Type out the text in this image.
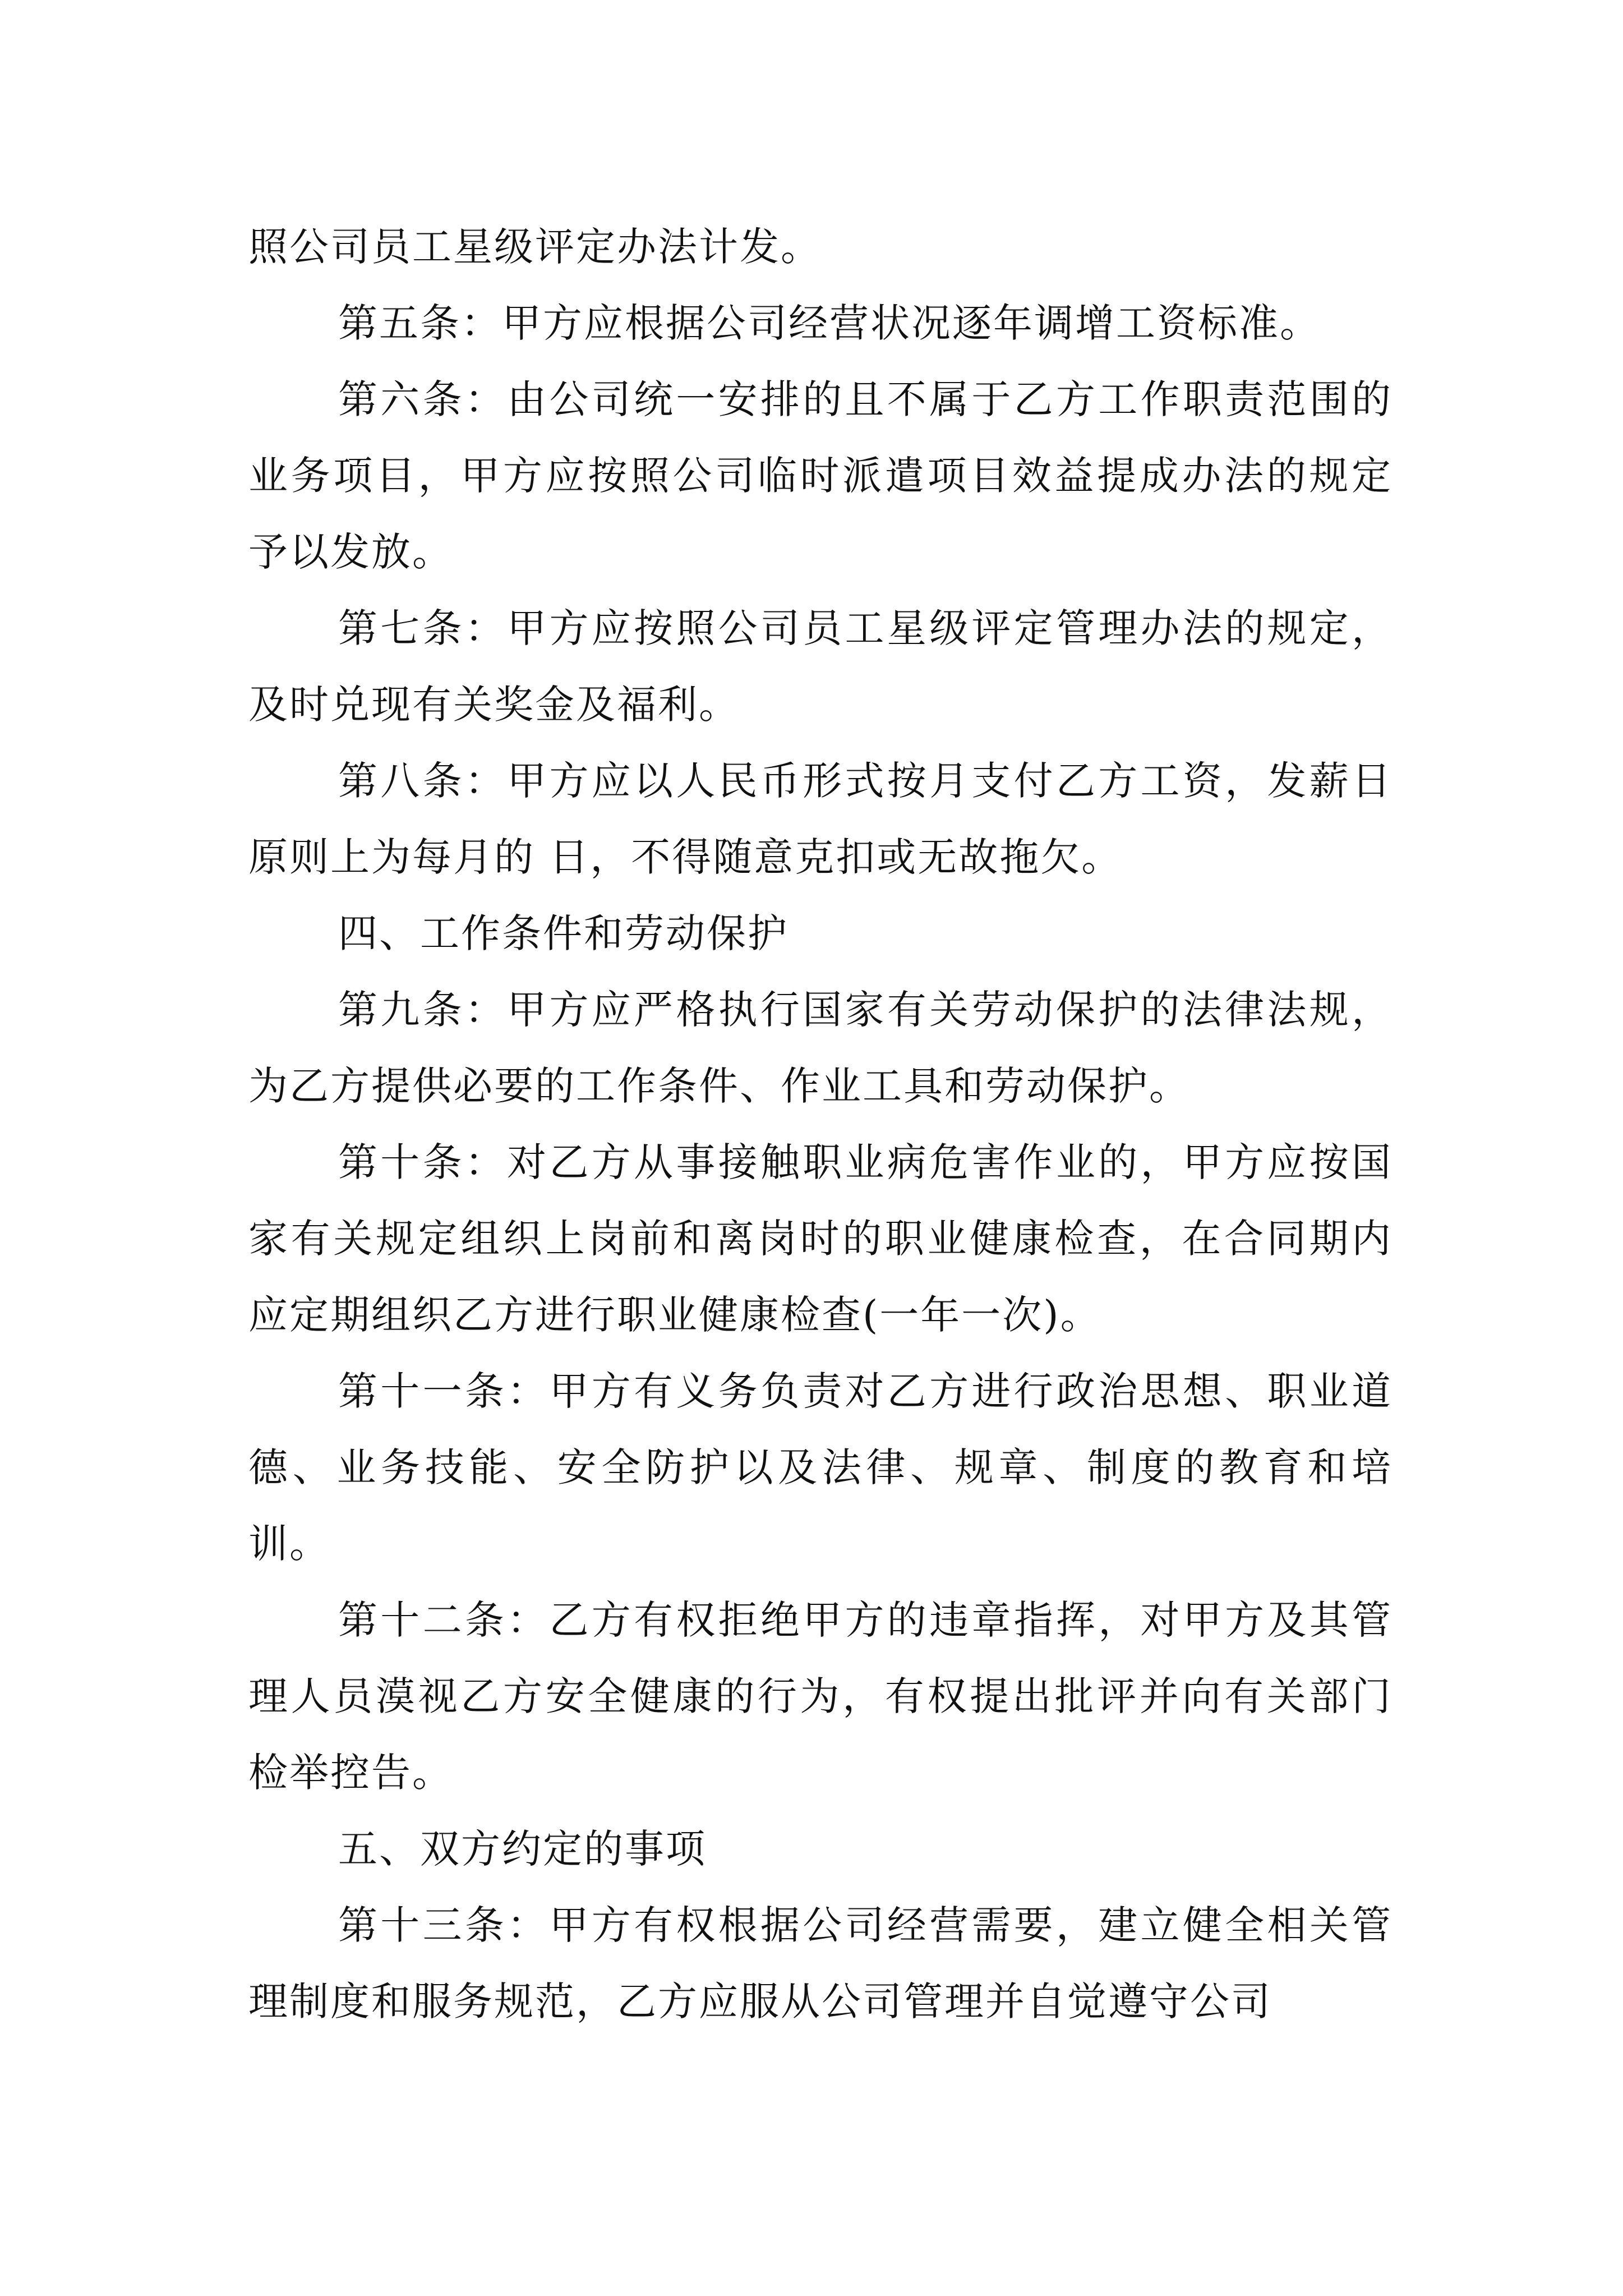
照公司员工星级评定办法计发。

第五条：甲方应根据公司经营状况逐年调增工资标准。

第六条：由公司统一安排的且不属于乙方工作职责范围的业务项目，甲方应按照公司临时派遣项目效益提成办法的规定予以发放。

第七条：甲方应按照公司员工星级评定管理办法的规定，及时兑现有关奖金及福利。

第八条：甲方应以人民币形式按月支付乙方工资，发薪日原则上为每月的 日，不得随意克扣或无故拖欠。

四、工作条件和劳动保护

第九条：甲方应严格执行国家有关劳动保护的法律法规，为乙方提供必要的工作条件、作业工具和劳动保护。

第十条：对乙方从事接触职业病危害作业的，甲方应按国家有关规定组织上岗前和离岗时的职业健康检查，在合同期内应定期组织乙方进行职业健康检查(一年一次)。

第十一条：甲方有义务负责对乙方进行政治思想、职业道德、业务技能、安全防护以及法律、规章、制度的教育和培训。

第十二条：乙方有权拒绝甲方的违章指挥，对甲方及其管理人员漠视乙方安全健康的行为，有权提出批评并向有关部门检举控告。

五、双方约定的事项

第十三条：甲方有权根据公司经营需要，建立健全相关管理制度和服务规范，乙方应服从公司管理并自觉遵守公司
